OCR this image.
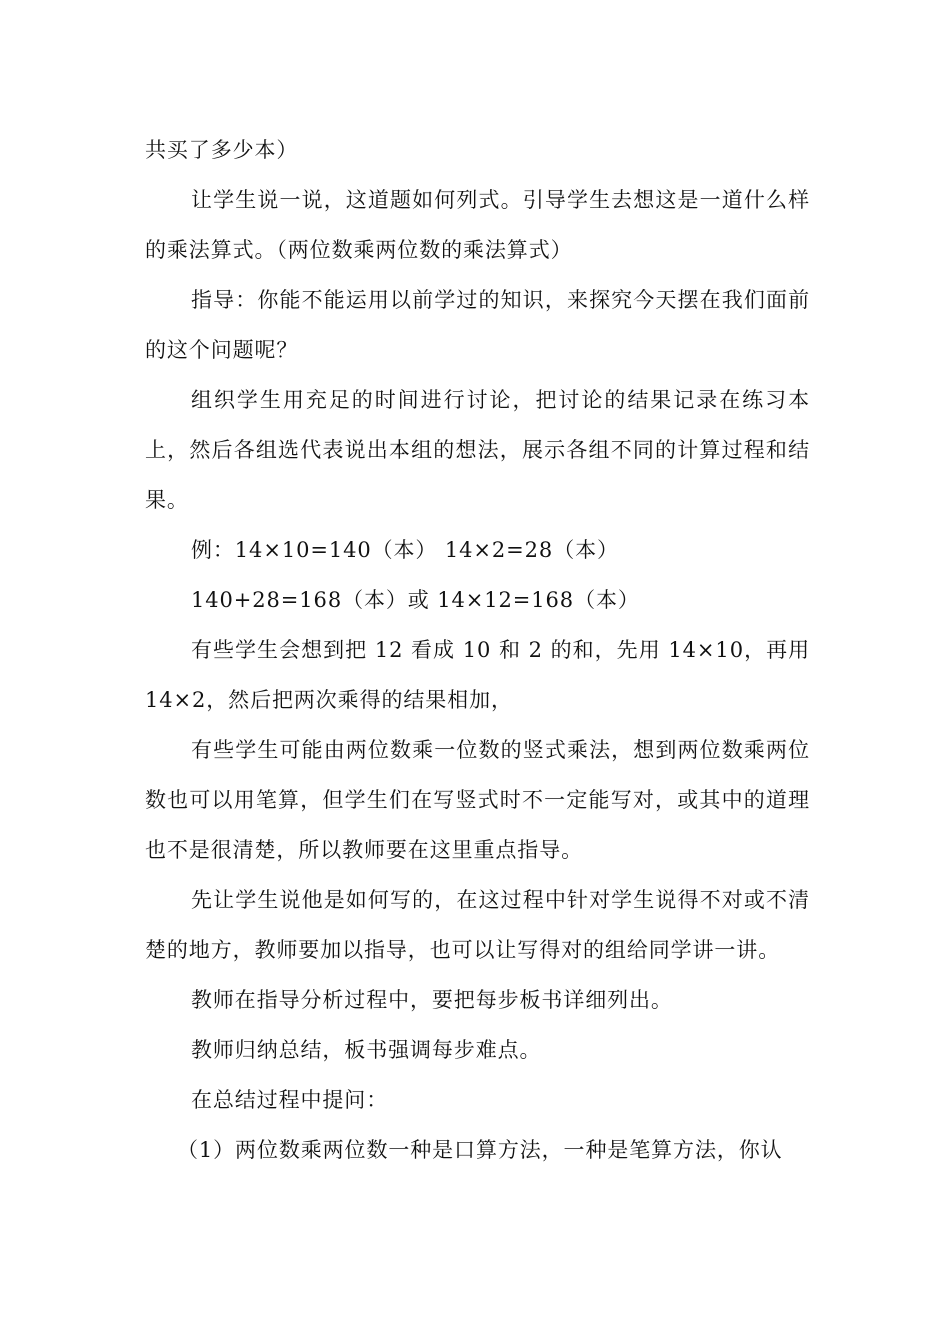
共买了多少本）

让学生说一说，这道题如何列式。引导学生去想这是一道什么样的乘法算式。（两位数乘两位数的乘法算式）

指导：你能不能运用以前学过的知识，来探究今天摆在我们面前的这个问题呢？

组织学生用充足的时间进行讨论，把讨论的结果记录在练习本上，然后各组选代表说出本组的想法，展示各组不同的计算过程和结果。

例：14×10=140（本） 14×2=28（本）

140+28=168（本）或 14×12=168（本）

有些学生会想到把 12 看成 10 和 2 的和，先用 14×10，再用 14×2，然后把两次乘得的结果相加，

有些学生可能由两位数乘一位数的竖式乘法，想到两位数乘两位数也可以用笔算，但学生们在写竖式时不一定能写对，或其中的道理也不是很清楚，所以教师要在这里重点指导。

先让学生说他是如何写的，在这过程中针对学生说得不对或不清楚的地方，教师要加以指导，也可以让写得对的组给同学讲一讲。

教师在指导分析过程中，要把每步板书详细列出。

教师归纳总结，板书强调每步难点。

在总结过程中提问：

（1）两位数乘两位数一种是口算方法，一种是笔算方法，你认
